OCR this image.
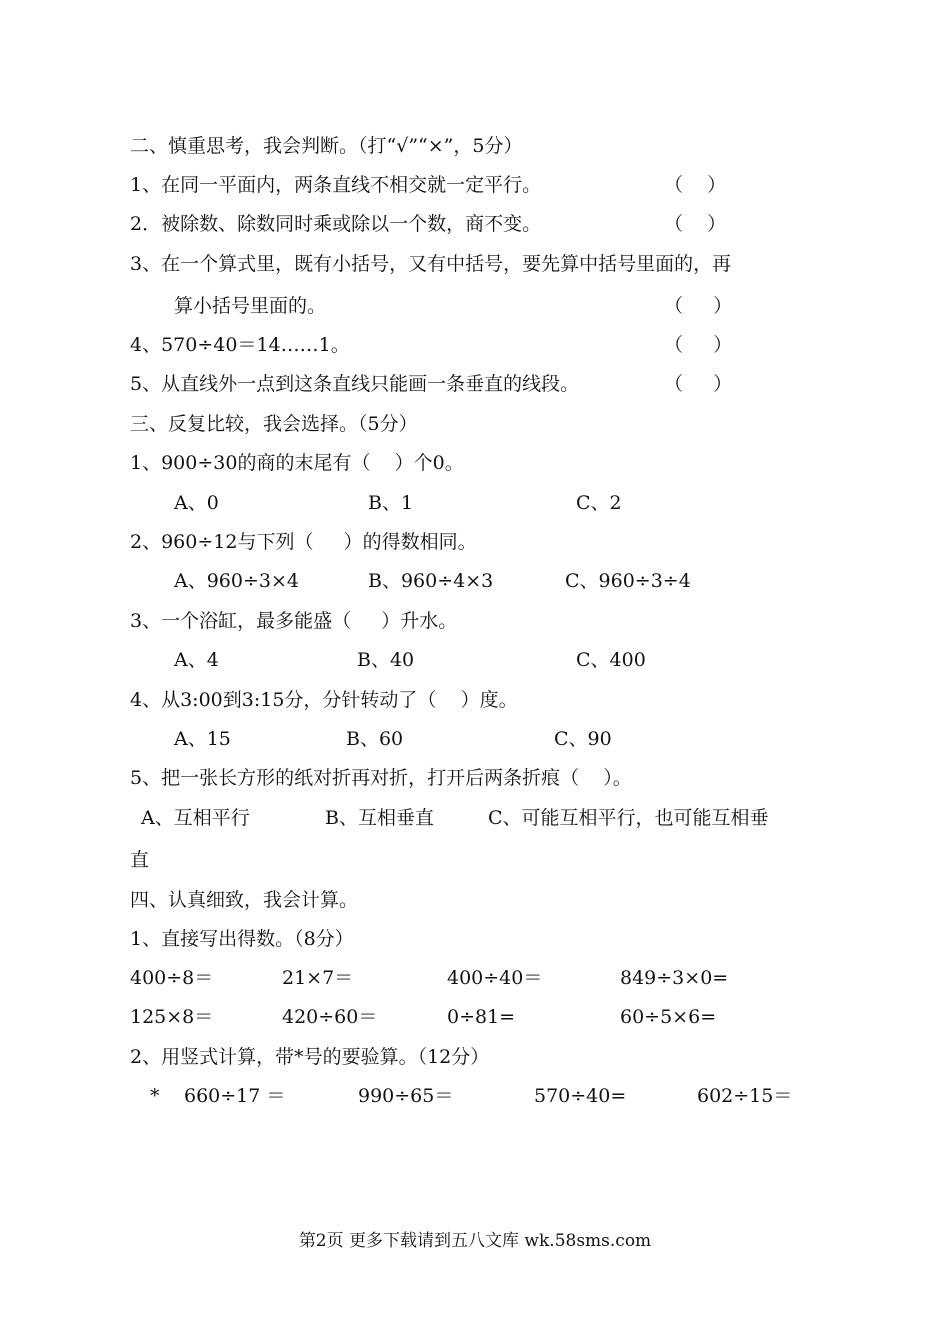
二、慎重思考，我会判断。（打“√”“×”，5分）
1、在同一平面内，两条直线不相交就一定平行。	（    ）
2．被除数、除数同时乘或除以一个数，商不变。	（    ）
3、在一个算式里，既有小括号，又有中括号，要先算中括号里面的，再
算小括号里面的。	（     ）
4、570÷40＝14……1。	（     ）
5、从直线外一点到这条直线只能画一条垂直的线段。	（     ）
三、反复比较，我会选择。（5分）
1、900÷30的商的末尾有（    ）个0。
A、0	B、1	C、2
2、960÷12与下列（     ）的得数相同。
A、960÷3×4	B、960÷4×3	C、960÷3÷4
3、一个浴缸，最多能盛（     ）升水。
A、4	B、40	C、400
4、从3:00到3:15分，分针转动了（    ）度。
A、15	B、60	C、90
5、把一张长方形的纸对折再对折，打开后两条折痕（    ）。
A、互相平行	B、互相垂直	C、可能互相平行，也可能互相垂
直
四、认真细致，我会计算。
1、直接写出得数。（8分）
400÷8＝	21×7＝	400÷40＝	849÷3×0=
125×8＝	420÷60＝	0÷81=	60÷5×6=
2、用竖式计算，带*号的要验算。（12分）
* 660÷17 ＝	990÷65＝	570÷40=	602÷15＝
第2页 更多下载请到五八文库 wk.58sms.com
